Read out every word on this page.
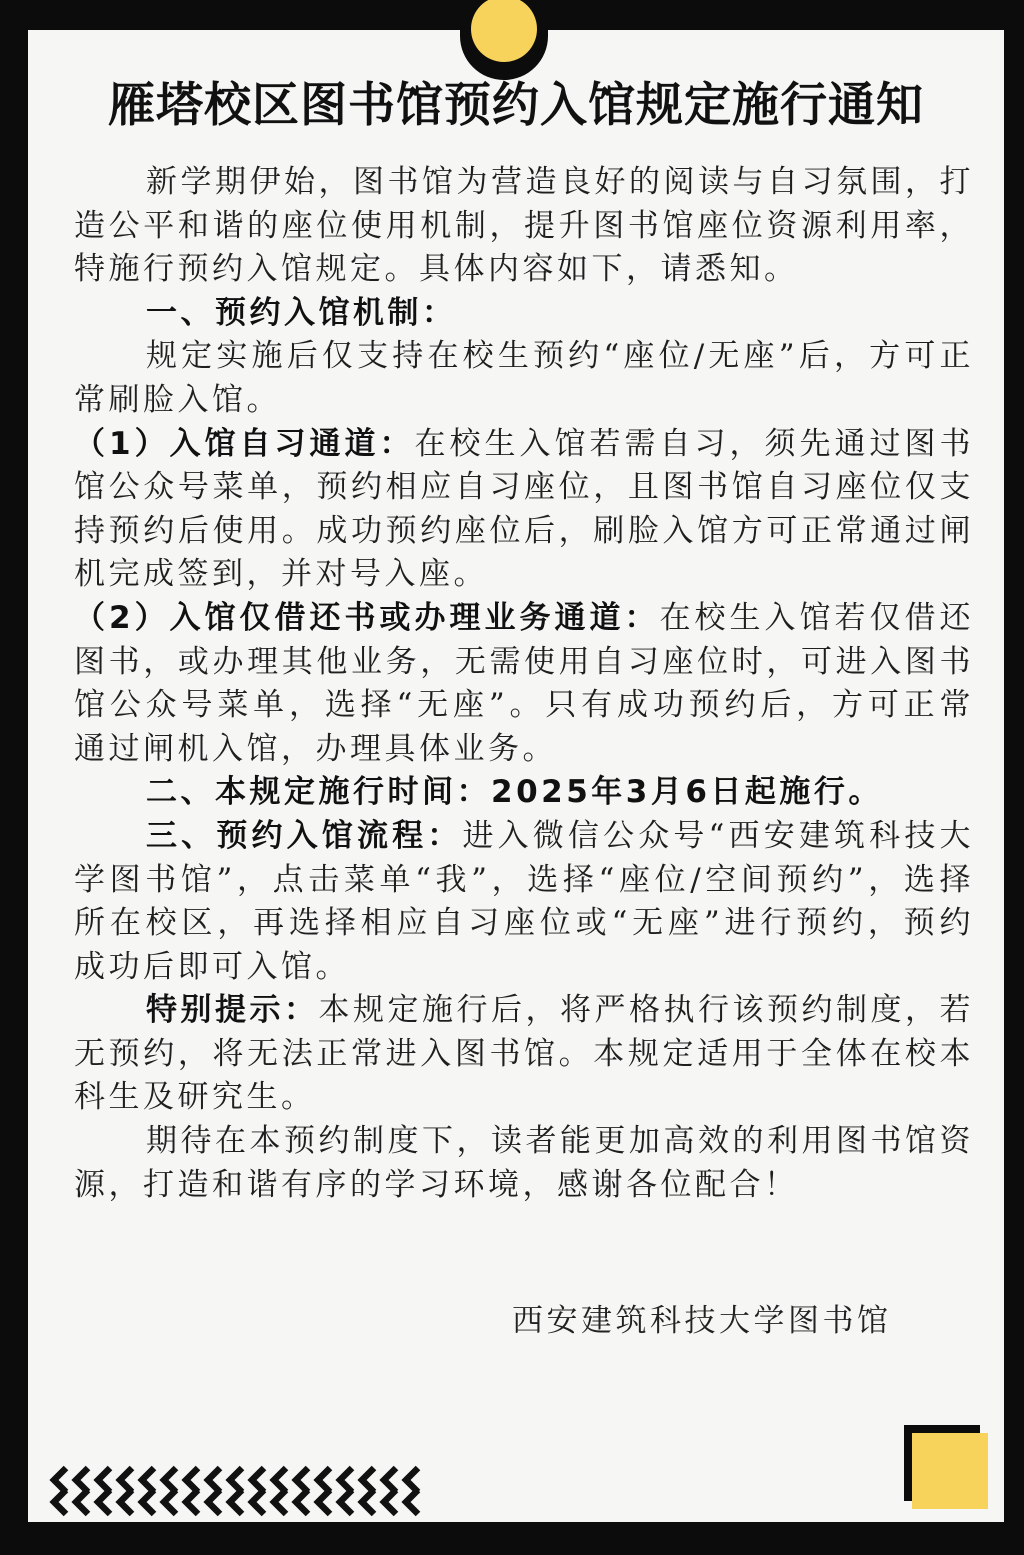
雁塔校区图书馆预约入馆规定施行通知

新学期伊始，图书馆为营造良好的阅读与自习氛围，打造公平和谐的座位使用机制，提升图书馆座位资源利用率，特施行预约入馆规定。具体内容如下，请悉知。

一、预约入馆机制：

规定实施后仅支持在校生预约“座位/无座”后，方可正常刷脸入馆。

（1）入馆自习通道：在校生入馆若需自习，须先通过图书馆公众号菜单，预约相应自习座位，且图书馆自习座位仅支持预约后使用。成功预约座位后，刷脸入馆方可正常通过闸机完成签到，并对号入座。

（2）入馆仅借还书或办理业务通道：在校生入馆若仅借还图书，或办理其他业务，无需使用自习座位时，可进入图书馆公众号菜单，选择“无座”。只有成功预约后，方可正常通过闸机入馆，办理具体业务。

二、本规定施行时间：2025年3月6日起施行。

三、预约入馆流程：进入微信公众号“西安建筑科技大学图书馆”，点击菜单“我”，选择“座位/空间预约”，选择所在校区，再选择相应自习座位或“无座”进行预约，预约成功后即可入馆。

特别提示：本规定施行后，将严格执行该预约制度，若无预约，将无法正常进入图书馆。本规定适用于全体在校本科生及研究生。

期待在本预约制度下，读者能更加高效的利用图书馆资源，打造和谐有序的学习环境，感谢各位配合！

西安建筑科技大学图书馆
